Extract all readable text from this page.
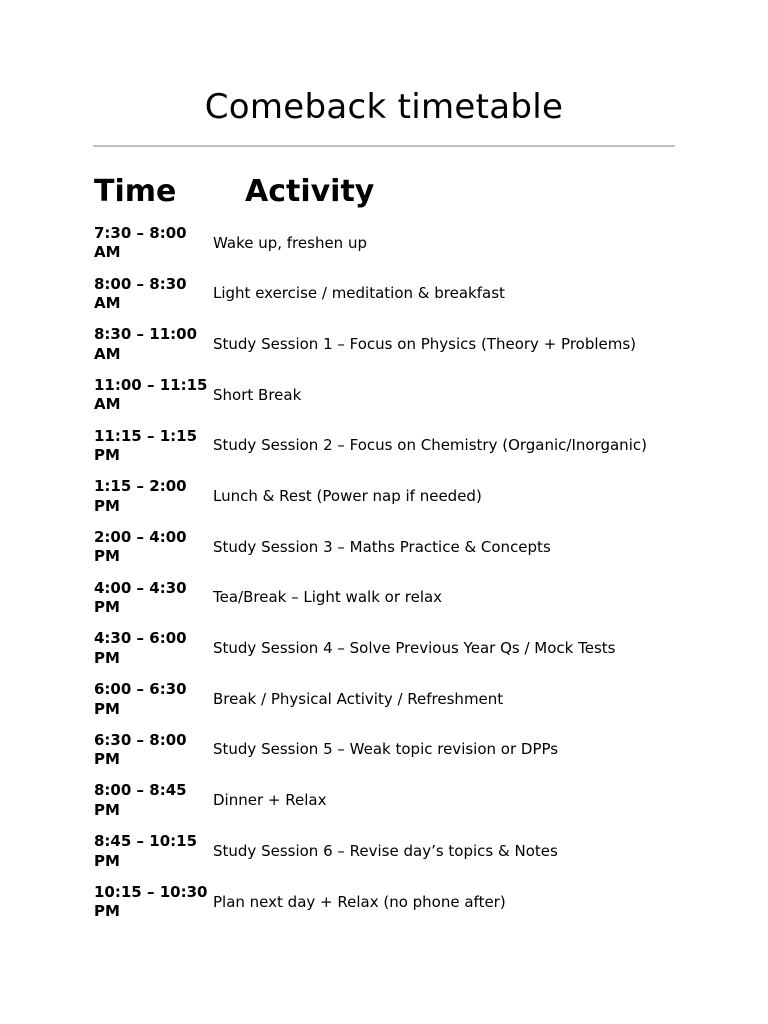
Comeback timetable
Time	Activity
7:30 – 8:00
AM
Wake up, freshen up
8:00 – 8:30
AM
Light exercise / meditation & breakfast
8:30 – 11:00
AM
Study Session 1 – Focus on Physics (Theory + Problems)
11:00 – 11:15
AM
Short Break
11:15 – 1:15
PM
Study Session 2 – Focus on Chemistry (Organic/Inorganic)
1:15 – 2:00
PM
Lunch & Rest (Power nap if needed)
2:00 – 4:00
PM
Study Session 3 – Maths Practice & Concepts
4:00 – 4:30
PM
Tea/Break – Light walk or relax
4:30 – 6:00
PM
Study Session 4 – Solve Previous Year Qs / Mock Tests
6:00 – 6:30
PM
Break / Physical Activity / Refreshment
6:30 – 8:00
PM
Study Session 5 – Weak topic revision or DPPs
8:00 – 8:45
PM
Dinner + Relax
8:45 – 10:15
PM
Study Session 6 – Revise day’s topics & Notes
10:15 – 10:30
PM
Plan next day + Relax (no phone after)
